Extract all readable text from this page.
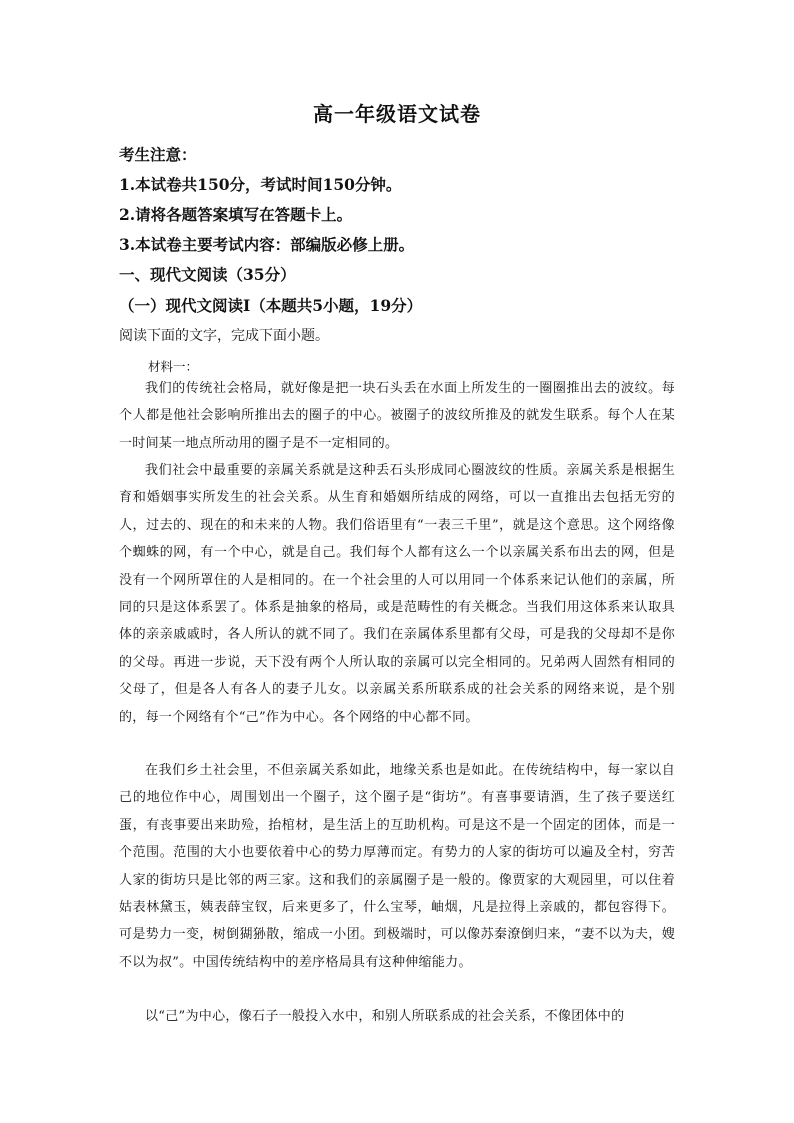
高一年级语文试卷
考生注意：
1.本试卷共150分，考试时间150分钟。
2.请将各题答案填写在答题卡上。
3.本试卷主要考试内容：部编版必修上册。
一、现代文阅读（35分）
（一）现代文阅读Ⅰ（本题共5小题，19分）
阅读下面的文字，完成下面小题。
材料一：

我们的传统社会格局，就好像是把一块石头丢在水面上所发生的一圈圈推出去的波纹。每个人都是他社会影响所推出去的圈子的中心。被圈子的波纹所推及的就发生联系。每个人在某一时间某一地点所动用的圈子是不一定相同的。

我们社会中最重要的亲属关系就是这种丢石头形成同心圈波纹的性质。亲属关系是根据生育和婚姻事实所发生的社会关系。从生育和婚姻所结成的网络，可以一直推出去包括无穷的人，过去的、现在的和未来的人物。我们俗语里有“一表三千里”，就是这个意思。这个网络像个蜘蛛的网，有一个中心，就是自己。我们每个人都有这么一个以亲属关系布出去的网，但是没有一个网所罩住的人是相同的。在一个社会里的人可以用同一个体系来记认他们的亲属，所同的只是这体系罢了。体系是抽象的格局，或是范畴性的有关概念。当我们用这体系来认取具体的亲亲戚戚时，各人所认的就不同了。我们在亲属体系里都有父母，可是我的父母却不是你的父母。再进一步说，天下没有两个人所认取的亲属可以完全相同的。兄弟两人固然有相同的父母了，但是各人有各人的妻子儿女。以亲属关系所联系成的社会关系的网络来说，是个别的，每一个网络有个“己”作为中心。各个网络的中心都不同。

在我们乡土社会里，不但亲属关系如此，地缘关系也是如此。在传统结构中，每一家以自己的地位作中心，周围划出一个圈子，这个圈子是“街坊”。有喜事要请酒，生了孩子要送红蛋，有丧事要出来助殓，抬棺材，是生活上的互助机构。可是这不是一个固定的团体，而是一个范围。范围的大小也要依着中心的势力厚薄而定。有势力的人家的街坊可以遍及全村，穷苦人家的街坊只是比邻的两三家。这和我们的亲属圈子是一般的。像贾家的大观园里，可以住着姑表林黛玉，姨表薛宝钗，后来更多了，什么宝琴，岫烟，凡是拉得上亲戚的，都包容得下。可是势力一变，树倒猢狲散，缩成一小团。到极端时，可以像苏秦潦倒归来，“妻不以为夫，嫂不以为叔”。中国传统结构中的差序格局具有这种伸缩能力。

以“己”为中心，像石子一般投入水中，和别人所联系成的社会关系，不像团体中的
